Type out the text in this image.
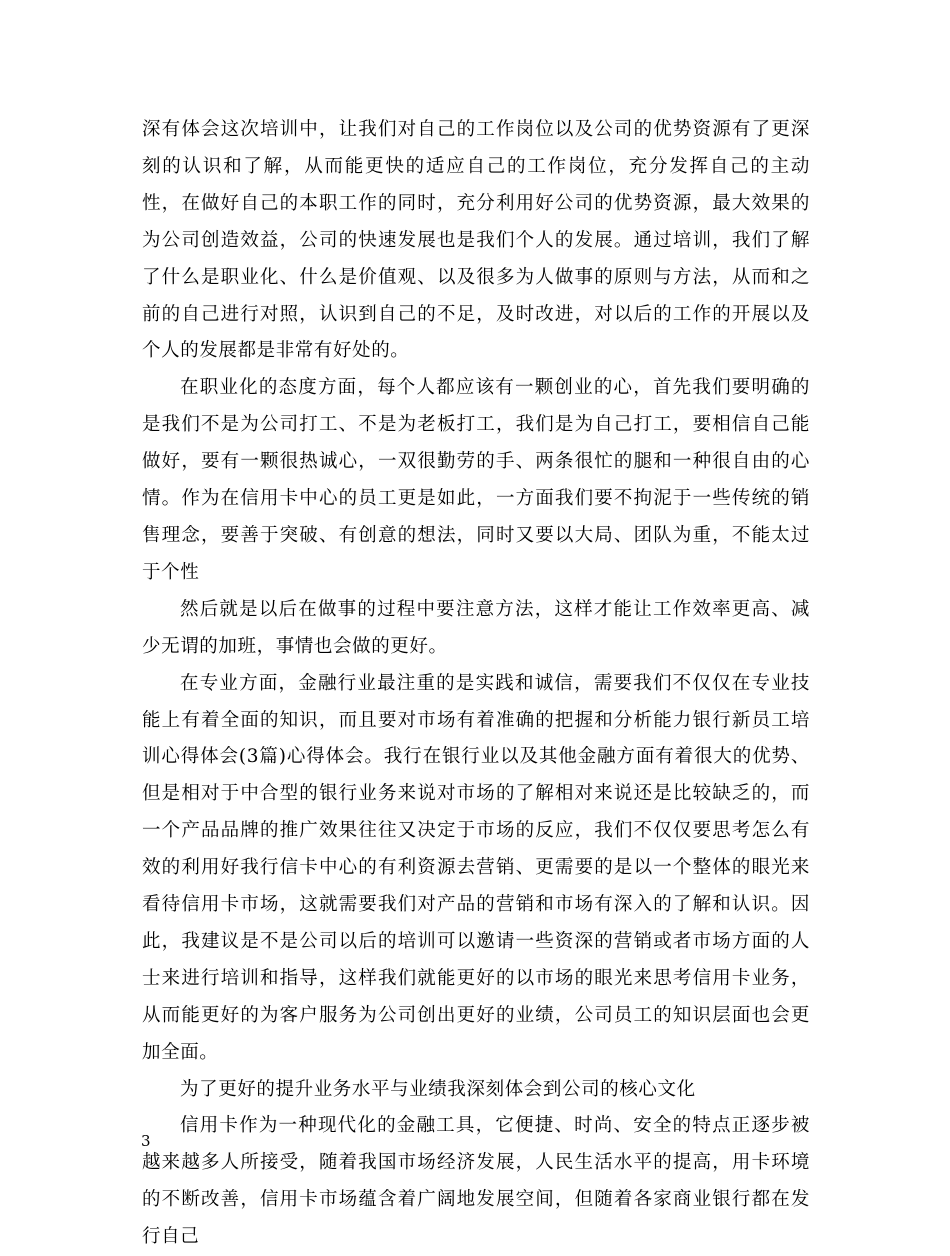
深有体会这次培训中，让我们对自己的工作岗位以及公司的优势资源有了更深刻的认识和了解，从而能更快的适应自己的工作岗位，充分发挥自己的主动性，在做好自己的本职工作的同时，充分利用好公司的优势资源，最大效果的为公司创造效益，公司的快速发展也是我们个人的发展。通过培训，我们了解了什么是职业化、什么是价值观、以及很多为人做事的原则与方法，从而和之前的自己进行对照，认识到自己的不足，及时改进，对以后的工作的开展以及个人的发展都是非常有好处的。

在职业化的态度方面，每个人都应该有一颗创业的心，首先我们要明确的是我们不是为公司打工、不是为老板打工，我们是为自己打工，要相信自己能做好，要有一颗很热诚心，一双很勤劳的手、两条很忙的腿和一种很自由的心情。作为在信用卡中心的员工更是如此，一方面我们要不拘泥于一些传统的销售理念，要善于突破、有创意的想法，同时又要以大局、团队为重，不能太过于个性

然后就是以后在做事的过程中要注意方法，这样才能让工作效率更高、减少无谓的加班，事情也会做的更好。

在专业方面，金融行业最注重的是实践和诚信，需要我们不仅仅在专业技能上有着全面的知识，而且要对市场有着准确的把握和分析能力银行新员工培训心得体会(3篇)心得体会。我行在银行业以及其他金融方面有着很大的优势、但是相对于中合型的银行业务来说对市场的了解相对来说还是比较缺乏的，而一个产品品牌的推广效果往往又决定于市场的反应，我们不仅仅要思考怎么有效的利用好我行信卡中心的有利资源去营销、更需要的是以一个整体的眼光来看待信用卡市场，这就需要我们对产品的营销和市场有深入的了解和认识。因此，我建议是不是公司以后的培训可以邀请一些资深的营销或者市场方面的人士来进行培训和指导，这样我们就能更好的以市场的眼光来思考信用卡业务，从而能更好的为客户服务为公司创出更好的业绩，公司员工的知识层面也会更加全面。

为了更好的提升业务水平与业绩我深刻体会到公司的核心文化

信用卡作为一种现代化的金融工具，它便捷、时尚、安全的特点正逐步被越来越多人所接受，随着我国市场经济发展，人民生活水平的提高，用卡环境的不断改善，信用卡市场蕴含着广阔地发展空间，但随着各家商业银行都在发行自己

3
